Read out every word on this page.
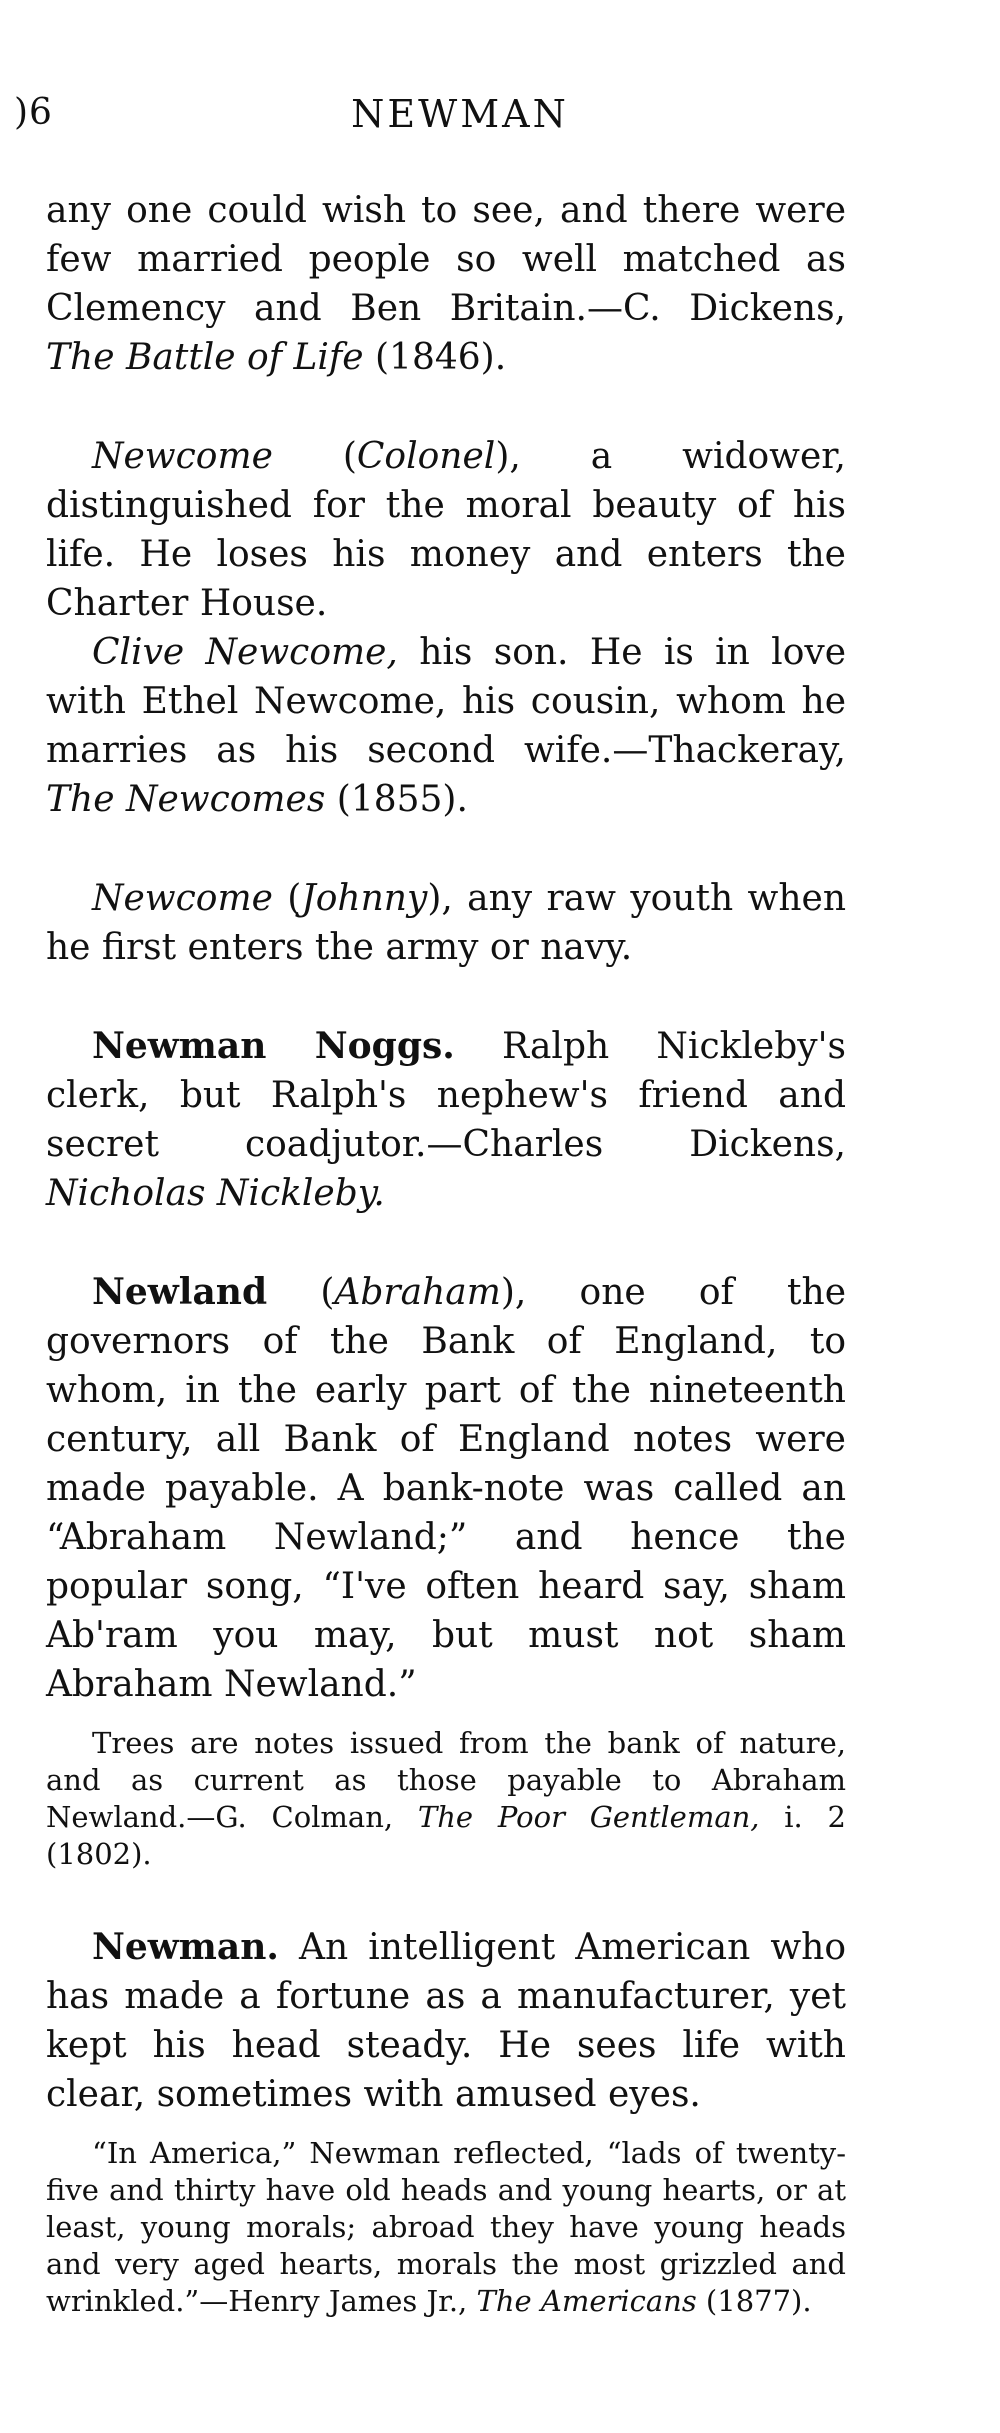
)6	NEWMAN

any one could wish to see, and there were few married people so well matched as Clemency and Ben Britain.—C. Dickens, The Battle of Life (1846).

Newcome (Colonel), a widower, distinguished for the moral beauty of his life. He loses his money and enters the Charter House.

Clive Newcome, his son. He is in love with Ethel Newcome, his cousin, whom he marries as his second wife.—Thackeray, The Newcomes (1855).

Newcome (Johnny), any raw youth when he first enters the army or navy.

Newman Noggs. Ralph Nickleby's clerk, but Ralph's nephew's friend and secret coadjutor.—Charles Dickens, Nicholas Nickleby.

Newland (Abraham), one of the governors of the Bank of England, to whom, in the early part of the nineteenth century, all Bank of England notes were made payable. A bank-note was called an “Abraham Newland;” and hence the popular song, “I've often heard say, sham Ab'ram you may, but must not sham Abraham Newland.”

Trees are notes issued from the bank of nature, and as current as those payable to Abraham Newland.—G. Colman, The Poor Gentleman, i. 2 (1802).

Newman. An intelligent American who has made a fortune as a manufacturer, yet kept his head steady. He sees life with clear, sometimes with amused eyes.

“In America,” Newman reflected, “lads of twenty-five and thirty have old heads and young hearts, or at least, young morals; abroad they have young heads and very aged hearts, morals the most grizzled and wrinkled.”—Henry James Jr., The Americans (1877).
